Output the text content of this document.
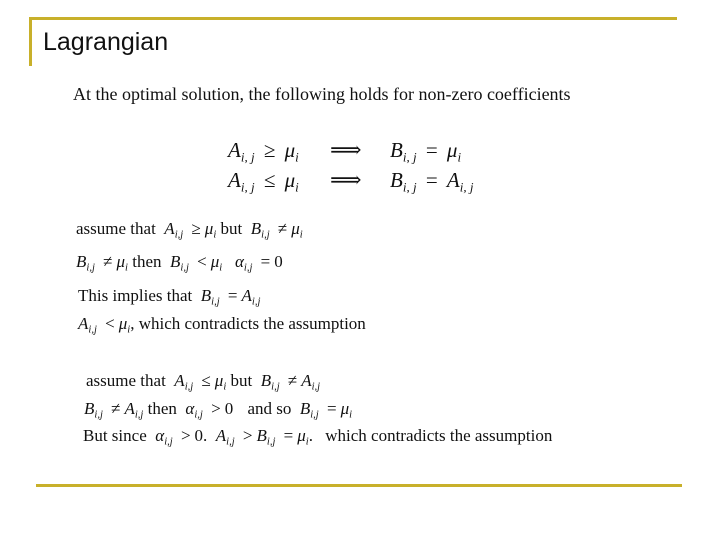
Lagrangian
At the optimal solution, the following holds for non-zero coefficients
$A_{i, j} \ge \mu_i$ ⟹ $B_{i, j} = \mu_i$
$A_{i, j} \le \mu_i$ ⟹ $B_{i, j} = A_{i, j}$
assume that  $A_{i,j} \ge \mu_i$ but  $B_{i,j} \ne \mu_i$
$B_{i,j} \ne \mu_i$ then  $B_{i,j} < \mu_i$   $\alpha_{i,j} = 0$
This implies that  $B_{i,j} = A_{i,j}$
$A_{i,j} < \mu_i$, which contradicts the assumption
assume that  $A_{i,j} \le \mu_i$ but  $B_{i,j} \ne A_{i,j}$
$B_{i,j} \ne A_{i,j}$ then  $\alpha_{i,j} > 0$ and so  $B_{i,j} = \mu_i$
But since  $\alpha_{i,j} > 0$.  $A_{i,j} > B_{i,j} = \mu_i$. which contradicts the assumption
